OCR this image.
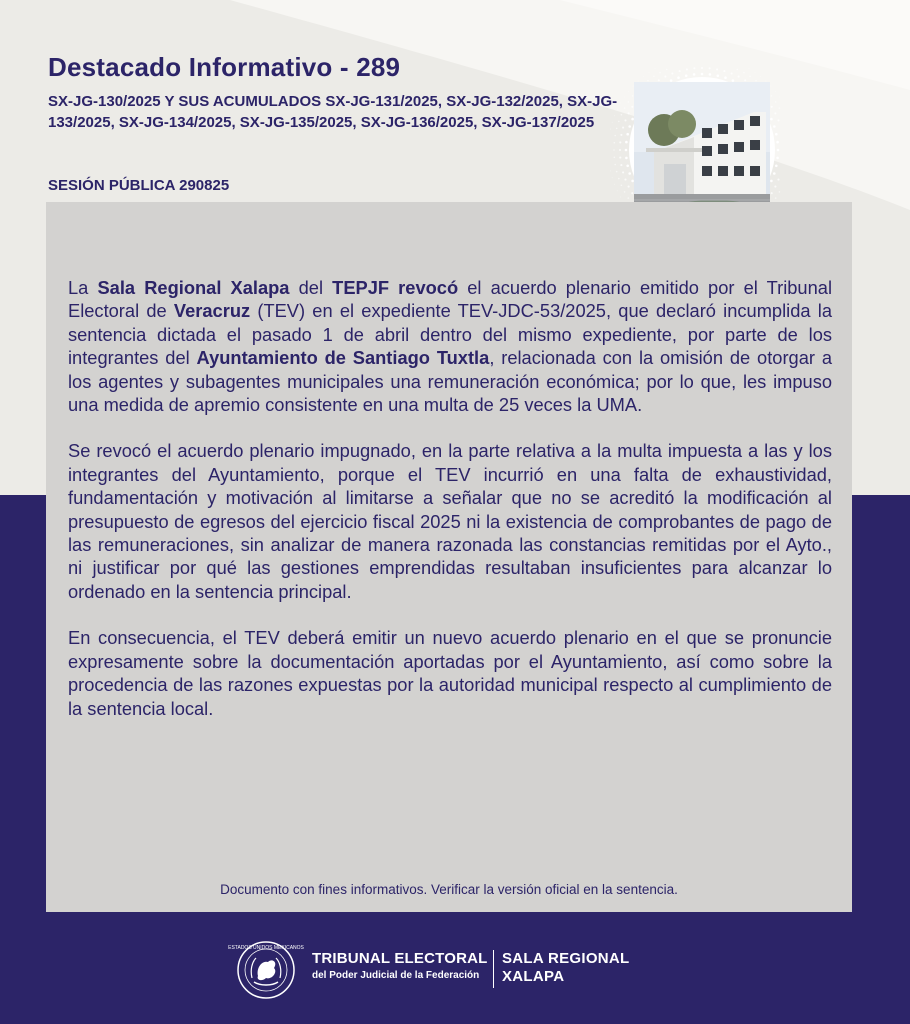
Destacado Informativo - 289

SX-JG-130/2025 Y SUS ACUMULADOS SX-JG-131/2025, SX-JG-132/2025, SX-JG-133/2025, SX-JG-134/2025, SX-JG-135/2025, SX-JG-136/2025, SX-JG-137/2025

SESIÓN PÚBLICA 290825

La Sala Regional Xalapa del TEPJF revocó el acuerdo plenario emitido por el Tribunal Electoral de Veracruz (TEV) en el expediente TEV-JDC-53/2025, que declaró incumplida la sentencia dictada el pasado 1 de abril dentro del mismo expediente, por parte de los integrantes del Ayuntamiento de Santiago Tuxtla, relacionada con la omisión de otorgar a los agentes y subagentes municipales una remuneración económica; por lo que, les impuso una medida de apremio consistente en una multa de 25 veces la UMA.

Se revocó el acuerdo plenario impugnado, en la parte relativa a la multa impuesta a las y los integrantes del Ayuntamiento, porque el TEV incurrió en una falta de exhaustividad, fundamentación y motivación al limitarse a señalar que no se acreditó la modificación al presupuesto de egresos del ejercicio fiscal 2025 ni la existencia de comprobantes de pago de las remuneraciones, sin analizar de manera razonada las constancias remitidas por el Ayto., ni justificar por qué las gestiones emprendidas resultaban insuficientes para alcanzar lo ordenado en la sentencia principal.

En consecuencia, el TEV deberá emitir un nuevo acuerdo plenario en el que se pronuncie expresamente sobre la documentación aportadas por el Ayuntamiento, así como sobre la procedencia de las razones expuestas por la autoridad municipal respecto al cumplimiento de la sentencia local.

Documento con fines informativos. Verificar la versión oficial en la sentencia.
ESTADOS UNIDOS MEXICANOS
TRIBUNAL ELECTORAL
del Poder Judicial de la Federación
SALA REGIONAL
XALAPA
